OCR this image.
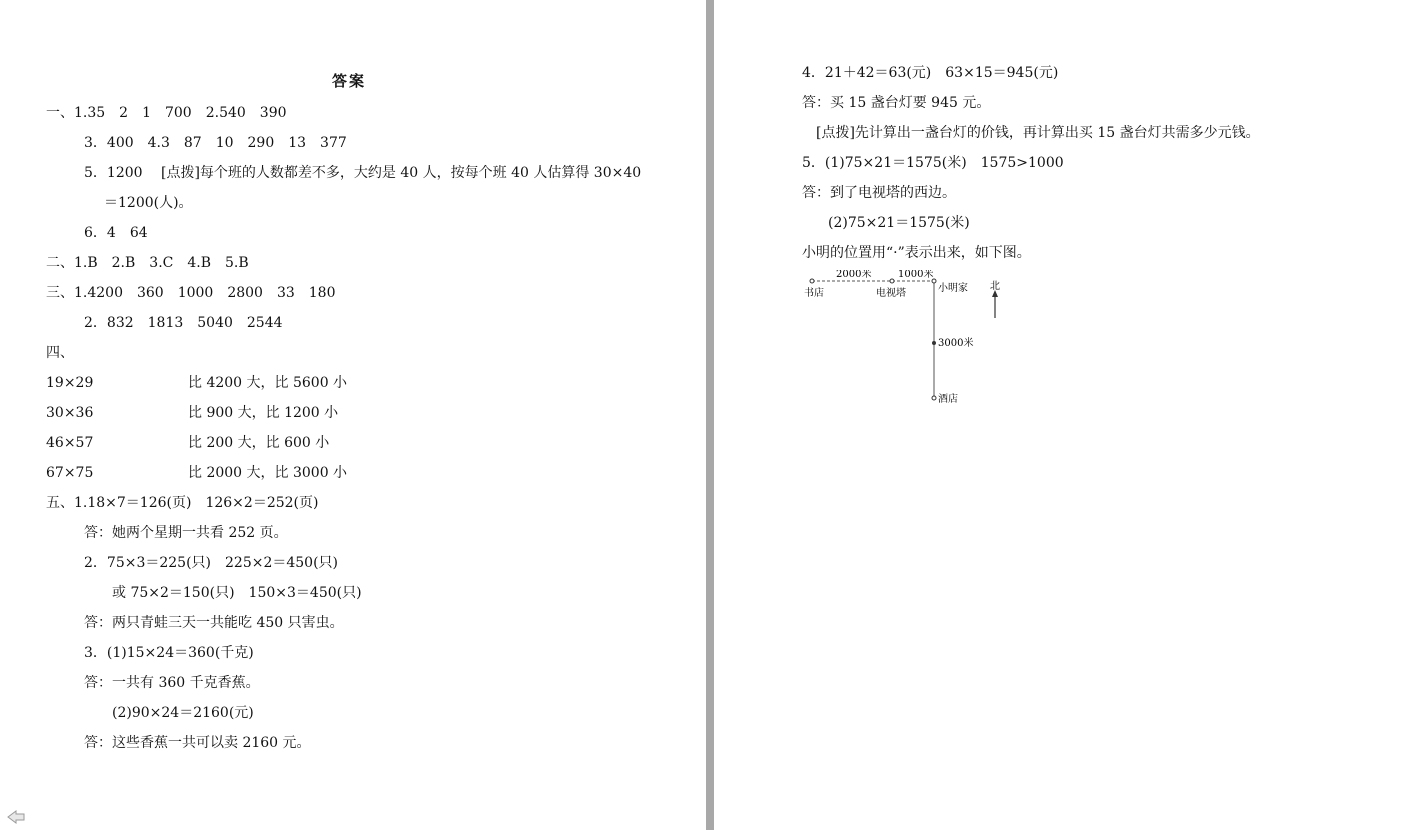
答案
一、1.35　2　1　700　2.540　390
3．400　4.3　87　10　290　13　377
5．1200　 [点拨]每个班的人数都差不多，大约是 40 人，按每个班 40 人估算得 30×40
＝1200(人)。
6．4　64
二、1.B　2.B　3.C　4.B　5.B
三、1.4200　360　1000　2800　33　180
2．832　1813　5040　2544
四、
19×29	比 4200 大，比 5600 小
30×36	比 900 大，比 1200 小
46×57	比 200 大，比 600 小
67×75	比 2000 大，比 3000 小
五、1.18×7＝126(页)　126×2＝252(页)
答：她两个星期一共看 252 页。
2．75×3＝225(只)　225×2＝450(只)
或 75×2＝150(只)　150×3＝450(只)
答：两只青蛙三天一共能吃 450 只害虫。
3．(1)15×24＝360(千克)
答：一共有 360 千克香蕉。
(2)90×24＝2160(元)
答：这些香蕉一共可以卖 2160 元。
4．21＋42＝63(元)　63×15＝945(元)
答：买 15 盏台灯要 945 元。
[点拨]先计算出一盏台灯的价钱，再计算出买 15 盏台灯共需多少元钱。
5．(1)75×21＝1575(米)　1575>1000
答：到了电视塔的西边。
(2)75×21＝1575(米)
小明的位置用“·”表示出来，如下图。
书店	电视塔	小明家 北
酒店
2000米	1000米
3000米
